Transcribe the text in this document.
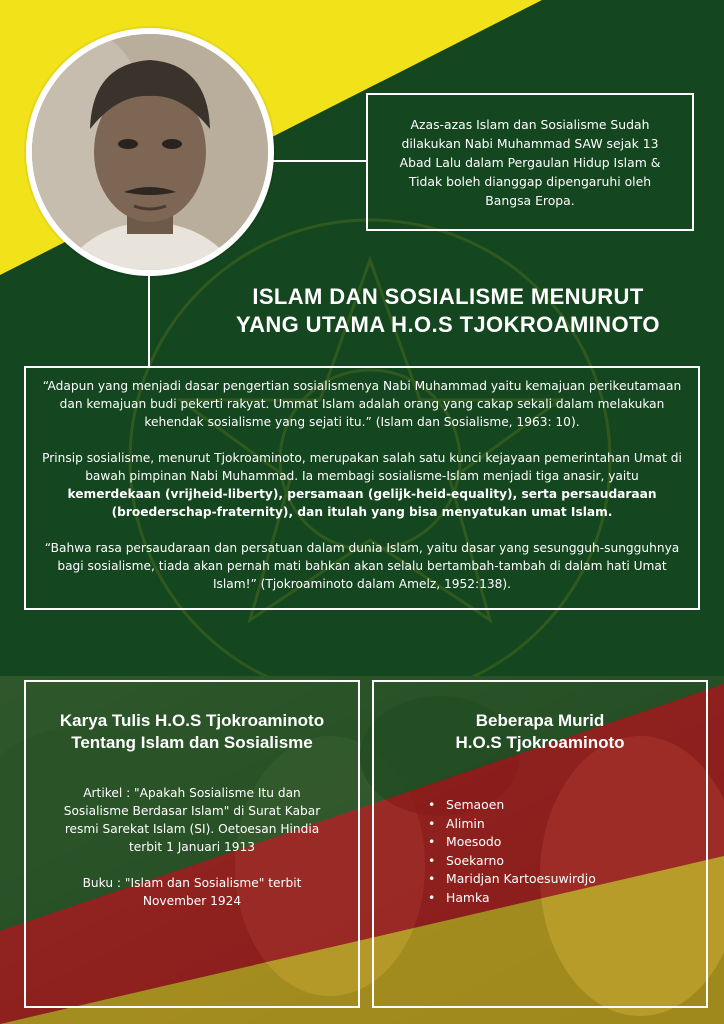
Azas-azas Islam dan Sosialisme Sudah dilakukan Nabi Muhammad SAW sejak 13 Abad Lalu dalam Pergaulan Hidup Islam & Tidak boleh dianggap dipengaruhi oleh Bangsa Eropa.
ISLAM DAN SOSIALISME MENURUT
YANG UTAMA H.O.S TJOKROAMINOTO

“Adapun yang menjadi dasar pengertian sosialismenya Nabi Muhammad yaitu kemajuan perikeutamaan dan kemajuan budi pekerti rakyat. Ummat Islam adalah orang yang cakap sekali dalam melakukan kehendak sosialisme yang sejati itu.” (Islam dan Sosialisme, 1963: 10).

Prinsip sosialisme, menurut Tjokroaminoto, merupakan salah satu kunci kejayaan pemerintahan Umat di bawah pimpinan Nabi Muhammad. Ia membagi sosialisme-Islam menjadi tiga anasir, yaitu kemerdekaan (vrijheid-liberty), persamaan (gelijk-heid-equality), serta persaudaraan (broederschap-fraternity), dan itulah yang bisa menyatukan umat Islam.

“Bahwa rasa persaudaraan dan persatuan dalam dunia Islam, yaitu dasar yang sesungguh-sungguhnya bagi sosialisme, tiada akan pernah mati bahkan akan selalu bertambah-tambah di dalam hati Umat Islam!” (Tjokroaminoto dalam Amelz, 1952:138).

Karya Tulis H.O.S Tjokroaminoto
Tentang Islam dan Sosialisme

Artikel : "Apakah Sosialisme Itu dan Sosialisme Berdasar Islam" di Surat Kabar resmi Sarekat Islam (SI). Oetoesan Hindia terbit 1 Januari 1913

Buku : "Islam dan Sosialisme" terbit November 1924

Beberapa Murid
H.O.S Tjokroaminoto
• Semaoen
• Alimin
• Moesodo
• Soekarno
• Maridjan Kartoesuwirdjo
• Hamka
